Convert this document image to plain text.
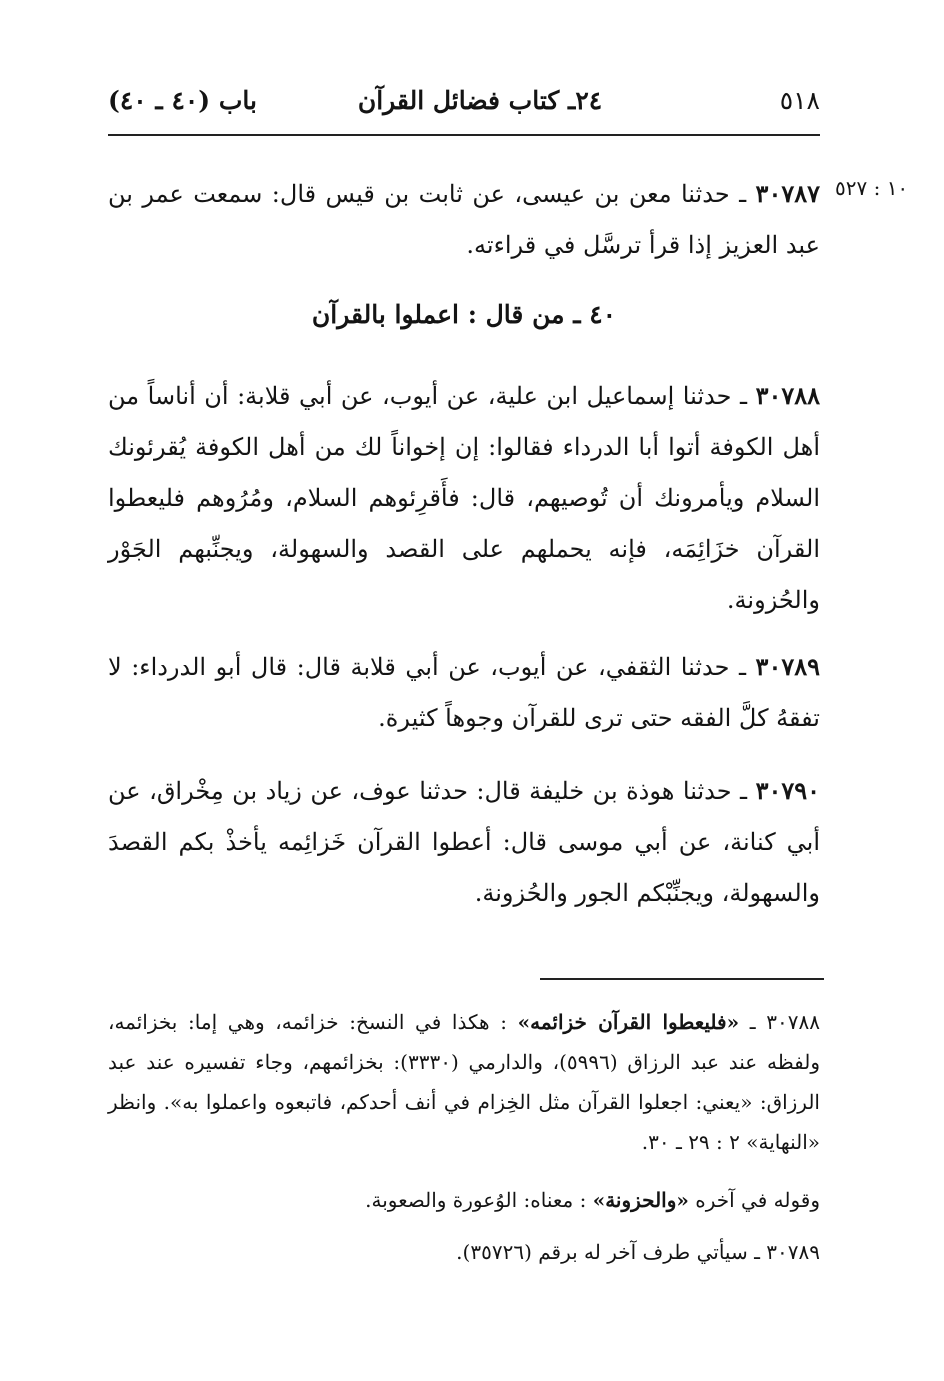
باب (٤٠ ـ ٤٠)	٢٤ـ كتاب فضائل القرآن	٥١٨
١٠ : ٥٢٧
٣٠٧٨٧ ـ حدثنا معن بن عيسى، عن ثابت بن قيس قال: سمعت عمر بن عبد العزيز إذا قرأ ترسَّل في قراءته.
٤٠ ـ من قال : اعملوا بالقرآن
٣٠٧٨٨ ـ حدثنا إسماعيل ابن علية، عن أيوب، عن أبي قلابة: أن أناساً من أهل الكوفة أتوا أبا الدرداء فقالوا: إن إخواناً لك من أهل الكوفة يُقرئونك السلام ويأمرونك أن تُوصيهم، قال: فأَقرِئوهم السلام، ومُرُوهم فليعطوا القرآن خزَائِمَه، فإنه يحملهم على القصد والسهولة، ويجنِّبهم الجَوْر والحُزونة.
٣٠٧٨٩ ـ حدثنا الثقفي، عن أيوب، عن أبي قلابة قال: قال أبو الدرداء: لا تفقهُ كلَّ الفقه حتى ترى للقرآن وجوهاً كثيرة.
٣٠٧٩٠ ـ حدثنا هوذة بن خليفة قال: حدثنا عوف، عن زياد بن مِخْراق، عن أبي كنانة، عن أبي موسى قال: أعطوا القرآن خَزائِمه يأخذْ بكم القصدَ والسهولة، ويجنِّبْكم الجور والحُزونة.
٣٠٧٨٨ ـ «فليعطوا القرآن خزائمه» : هكذا في النسخ: خزائمه، وهي إما: بخزائمه، ولفظه عند عبد الرزاق (٥٩٩٦)، والدارمي (٣٣٣٠): بخزائمهم، وجاء تفسيره عند عبد الرزاق: «يعني: اجعلوا القرآن مثل الخِزام في أنف أحدكم، فاتبعوه واعملوا به». وانظر «النهاية» ٢ : ٢٩ ـ ٣٠.
وقوله في آخره «والحزونة» : معناه: الوُعورة والصعوبة.
٣٠٧٨٩ ـ سيأتي طرف آخر له برقم (٣٥٧٢٦).
